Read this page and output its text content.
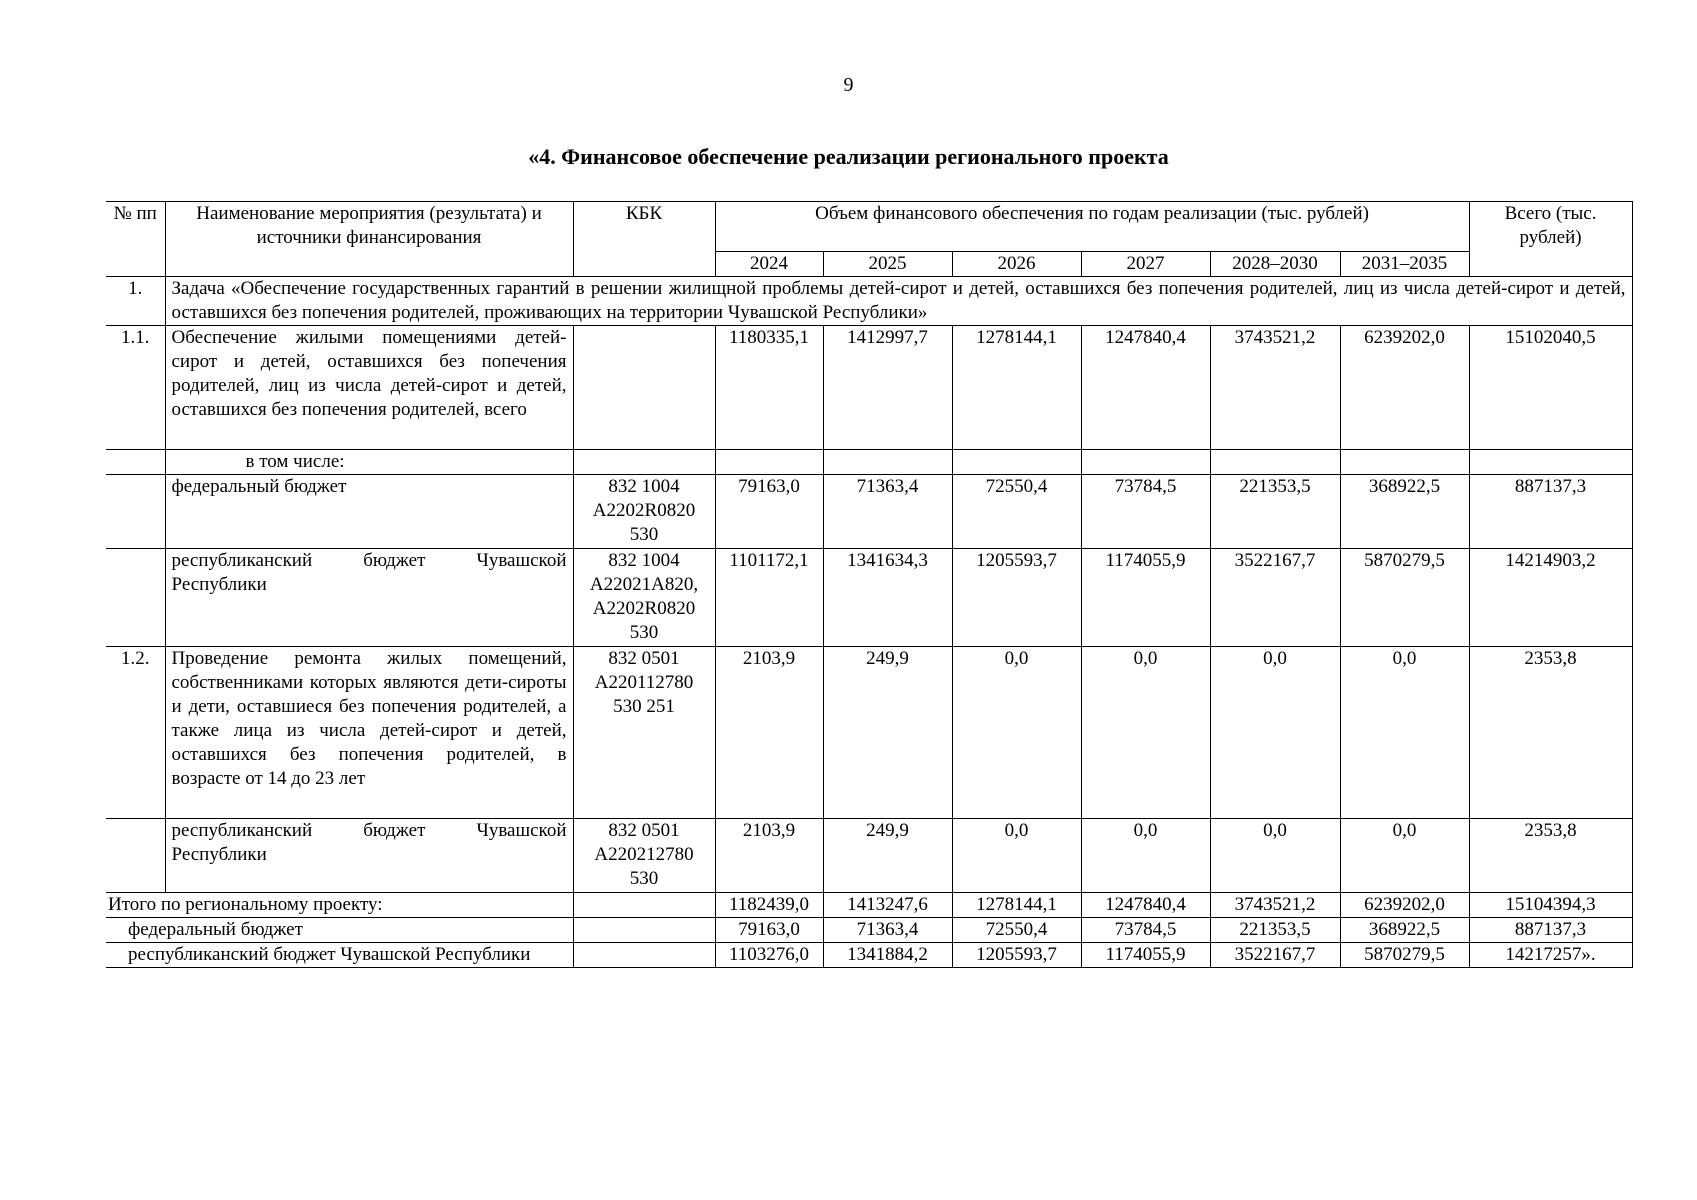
9
«4. Финансовое обеспечение реализации регионального проекта
№ пп	Наименование мероприятия (результата) и источники финансирования	КБК	Объем финансового обеспечения по годам реализации (тыс. рублей)						Всего (тыс. рублей)
			2024	2025	2026	2027	2028–2030	2031–2035	
1.	Задача «Обеспечение государственных гарантий в решении жилищной проблемы детей-сирот и детей, оставшихся без попечения родителей, лиц из числа детей-сирот и детей, оставшихся без попечения родителей, проживающих на территории Чувашской Республики»								
1.1.	Обеспечение жилыми помещениями детей-сирот и детей, оставшихся без попечения родителей, лиц из числа детей-сирот и детей, оставшихся без попечения родителей, всего		1180335,1	1412997,7	1278144,1	1247840,4	3743521,2	6239202,0	15102040,5
	в том числе:								
	федеральный бюджет	832 1004 A2202R0820 530	79163,0	71363,4	72550,4	73784,5	221353,5	368922,5	887137,3
	республиканский бюджет Чувашской Республики	832 1004 A22021A820, A2202R0820 530	1101172,1	1341634,3	1205593,7	1174055,9	3522167,7	5870279,5	14214903,2
1.2.	Проведение ремонта жилых помещений, собственниками которых являются дети-сироты и дети, оставшиеся без попечения родителей, а также лица из числа детей-сирот и детей, оставшихся без попечения родителей, в возрасте от 14 до 23 лет	832 0501 A220112780 530 251	2103,9	249,9	0,0	0,0	0,0	0,0	2353,8
	республиканский бюджет Чувашской Республики	832 0501 A220212780 530	2103,9	249,9	0,0	0,0	0,0	0,0	2353,8
Итого по региональному проекту:			1182439,0	1413247,6	1278144,1	1247840,4	3743521,2	6239202,0	15104394,3
федеральный бюджет			79163,0	71363,4	72550,4	73784,5	221353,5	368922,5	887137,3
республиканский бюджет Чувашской Республики			1103276,0	1341884,2	1205593,7	1174055,9	3522167,7	5870279,5	14217257».
